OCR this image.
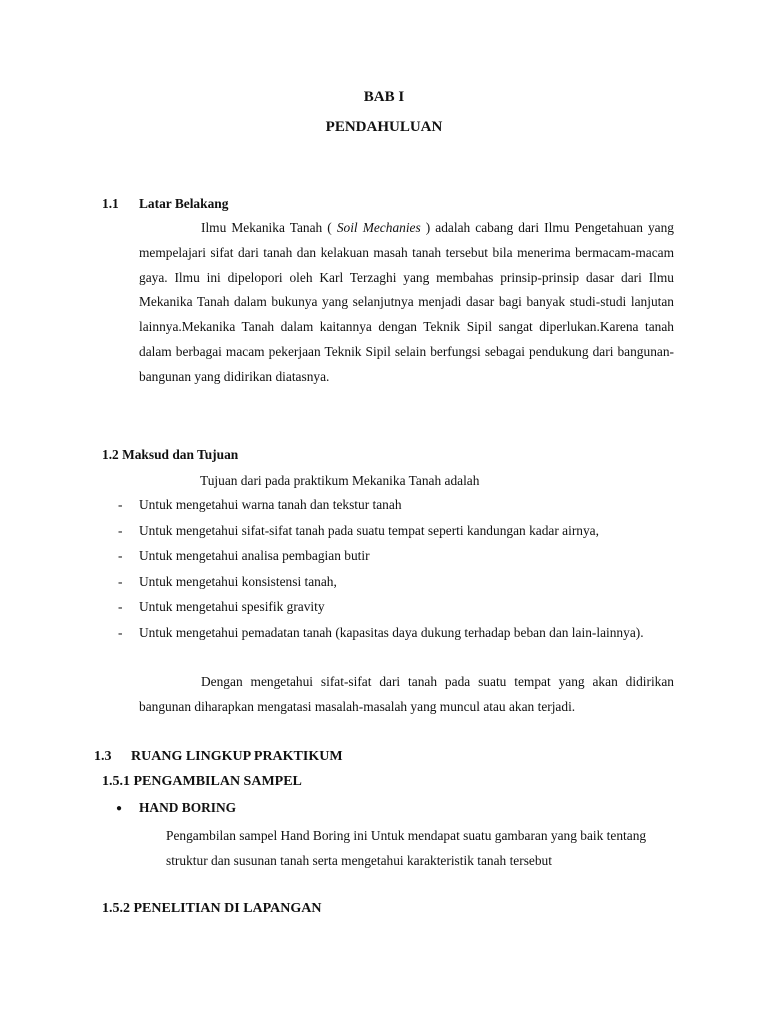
BAB I
PENDAHULUAN
1.1 Latar Belakang

Ilmu Mekanika Tanah ( Soil Mechanies ) adalah cabang dari Ilmu Pengetahuan yang mempelajari sifat dari tanah dan kelakuan masah tanah tersebut bila menerima bermacam-macam gaya. Ilmu ini dipelopori oleh Karl Terzaghi yang membahas prinsip-prinsip dasar dari Ilmu Mekanika Tanah dalam bukunya yang selanjutnya menjadi dasar bagi banyak studi-studi lanjutan lainnya.Mekanika Tanah dalam kaitannya dengan Teknik Sipil sangat diperlukan.Karena tanah dalam berbagai macam pekerjaan Teknik Sipil selain berfungsi sebagai pendukung dari bangunan-bangunan yang didirikan diatasnya.

1.2 Maksud dan Tujuan
Tujuan dari pada praktikum Mekanika Tanah adalah
- Untuk mengetahui warna tanah dan tekstur tanah
- Untuk mengetahui sifat-sifat tanah pada suatu tempat seperti kandungan kadar airnya,
- Untuk mengetahui analisa pembagian butir
- Untuk mengetahui konsistensi tanah,
- Untuk mengetahui spesifik gravity
- Untuk mengetahui pemadatan tanah (kapasitas daya dukung terhadap beban dan lain-lainnya).

Dengan mengetahui sifat-sifat dari tanah pada suatu tempat yang akan didirikan bangunan diharapkan mengatasi masalah-masalah yang muncul atau akan terjadi.

1.3 RUANG LINGKUP PRAKTIKUM
1.5.1 PENGAMBILAN SAMPEL
● HAND BORING
Pengambilan sampel Hand Boring ini Untuk mendapat suatu gambaran yang baik tentang struktur dan susunan tanah serta mengetahui karakteristik tanah tersebut
1.5.2 PENELITIAN DI LAPANGAN
